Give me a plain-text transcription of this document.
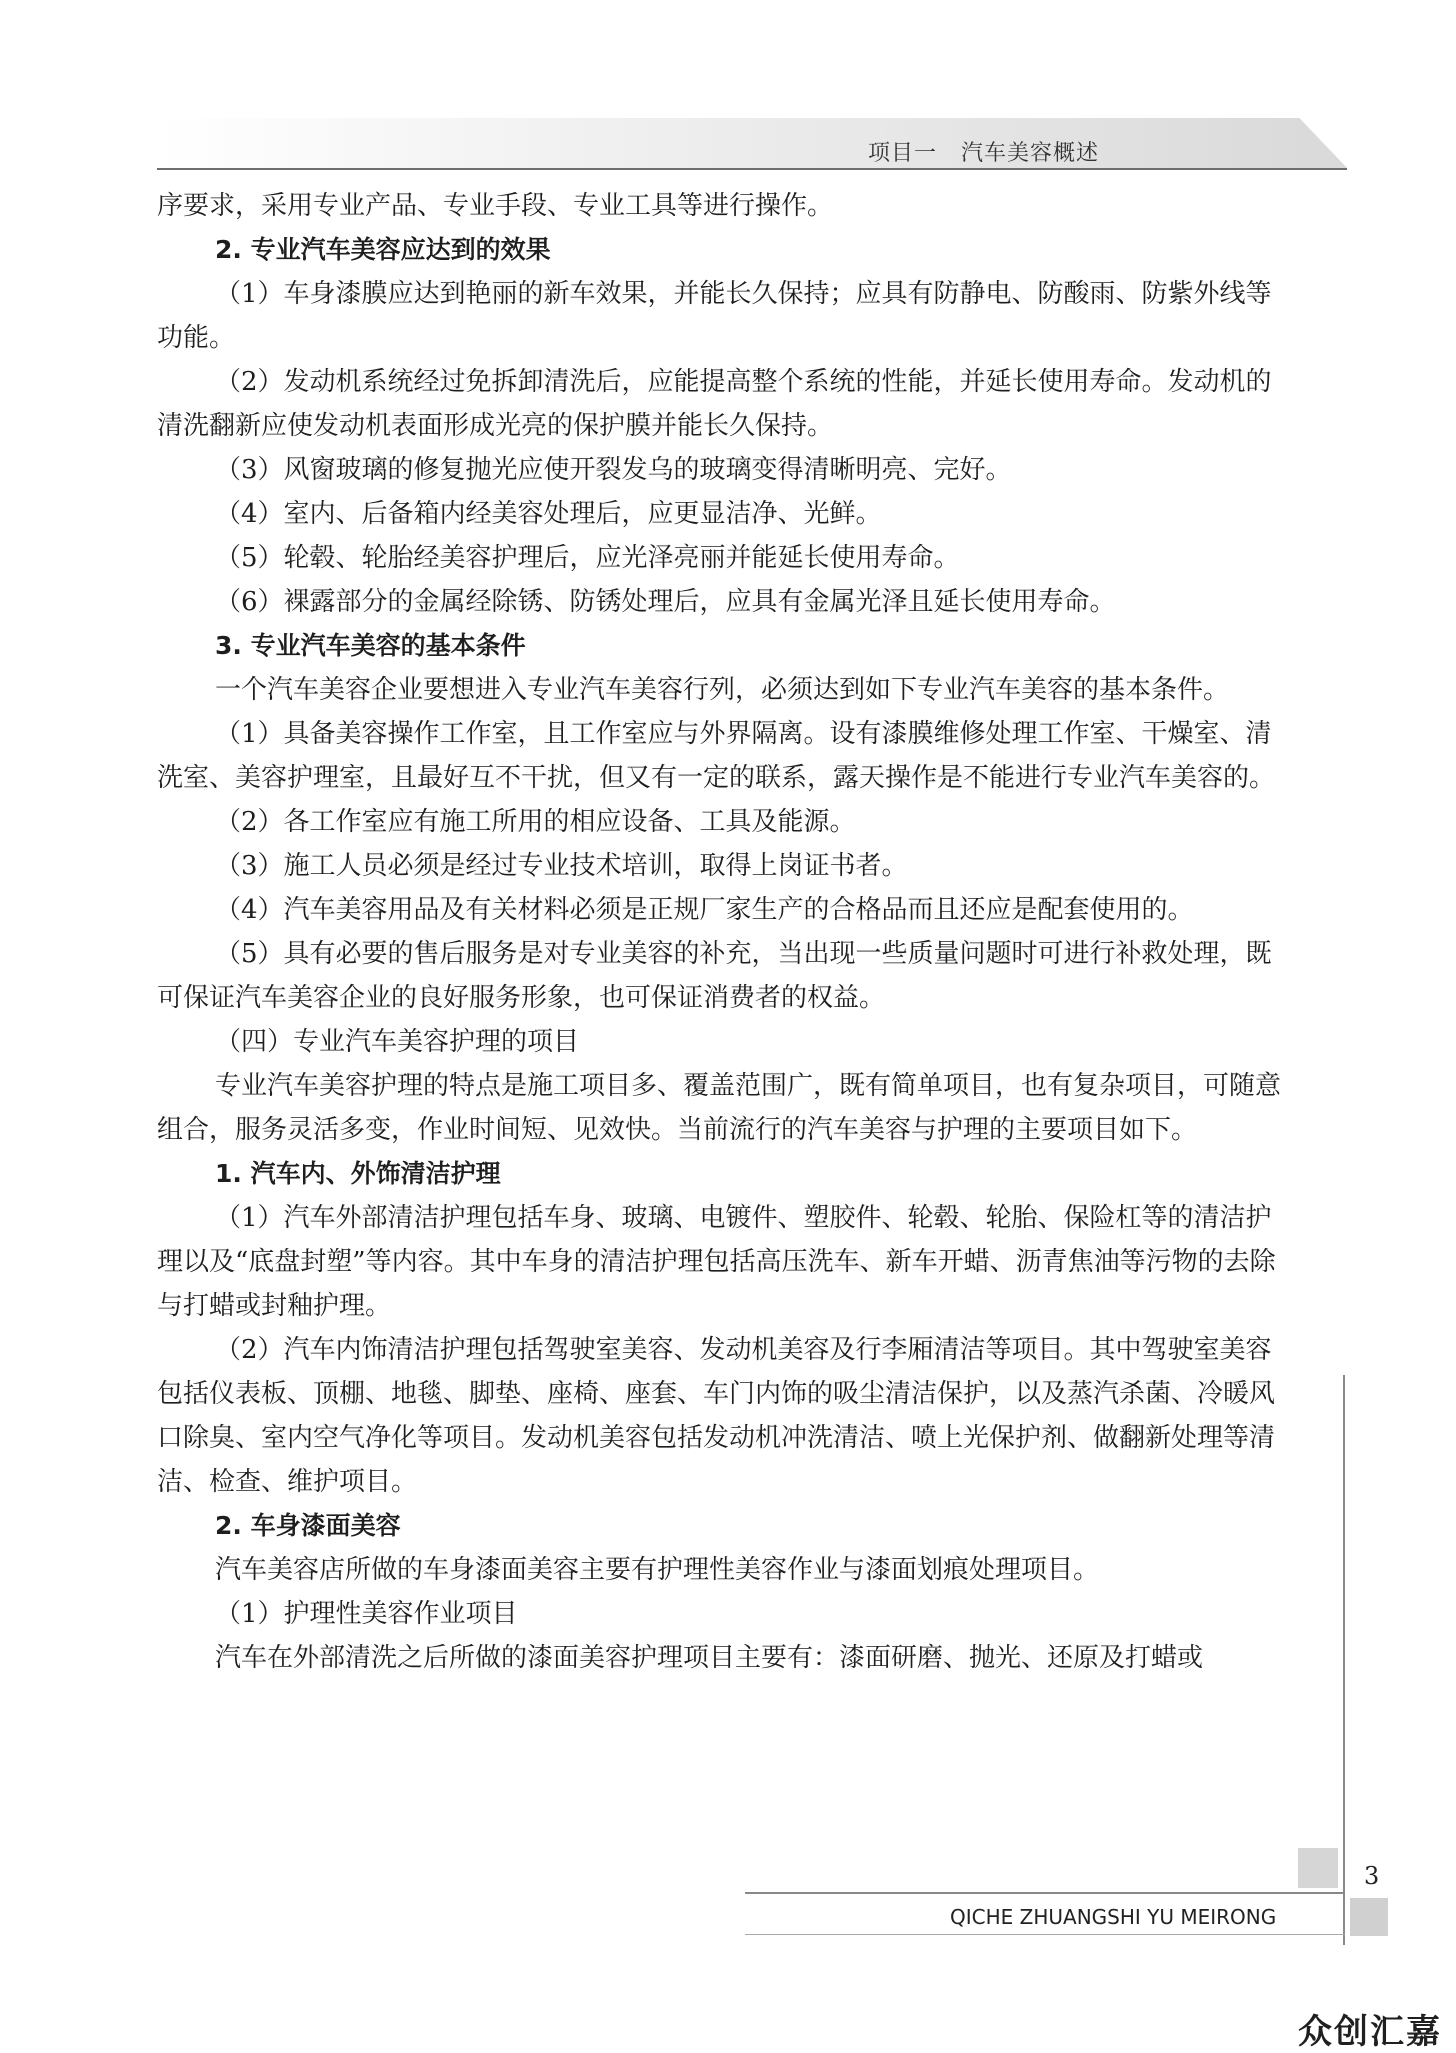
项目一 汽车美容概述

序要求，采用专业产品、专业手段、专业工具等进行操作。

2. 专业汽车美容应达到的效果

（1）车身漆膜应达到艳丽的新车效果，并能长久保持；应具有防静电、防酸雨、防紫外线等功能。

（2）发动机系统经过免拆卸清洗后，应能提高整个系统的性能，并延长使用寿命。发动机的清洗翻新应使发动机表面形成光亮的保护膜并能长久保持。

（3）风窗玻璃的修复抛光应使开裂发乌的玻璃变得清晰明亮、完好。

（4）室内、后备箱内经美容处理后，应更显洁净、光鲜。

（5）轮毂、轮胎经美容护理后，应光泽亮丽并能延长使用寿命。

（6）裸露部分的金属经除锈、防锈处理后，应具有金属光泽且延长使用寿命。

3. 专业汽车美容的基本条件

一个汽车美容企业要想进入专业汽车美容行列，必须达到如下专业汽车美容的基本条件。

（1）具备美容操作工作室，且工作室应与外界隔离。设有漆膜维修处理工作室、干燥室、清洗室、美容护理室，且最好互不干扰，但又有一定的联系，露天操作是不能进行专业汽车美容的。

（2）各工作室应有施工所用的相应设备、工具及能源。

（3）施工人员必须是经过专业技术培训，取得上岗证书者。

（4）汽车美容用品及有关材料必须是正规厂家生产的合格品而且还应是配套使用的。

（5）具有必要的售后服务是对专业美容的补充，当出现一些质量问题时可进行补救处理，既可保证汽车美容企业的良好服务形象，也可保证消费者的权益。

（四）专业汽车美容护理的项目

专业汽车美容护理的特点是施工项目多、覆盖范围广，既有简单项目，也有复杂项目，可随意组合，服务灵活多变，作业时间短、见效快。当前流行的汽车美容与护理的主要项目如下。

1. 汽车内、外饰清洁护理

（1）汽车外部清洁护理包括车身、玻璃、电镀件、塑胶件、轮毂、轮胎、保险杠等的清洁护理以及“底盘封塑”等内容。其中车身的清洁护理包括高压洗车、新车开蜡、沥青焦油等污物的去除与打蜡或封釉护理。

（2）汽车内饰清洁护理包括驾驶室美容、发动机美容及行李厢清洁等项目。其中驾驶室美容包括仪表板、顶棚、地毯、脚垫、座椅、座套、车门内饰的吸尘清洁保护，以及蒸汽杀菌、冷暖风口除臭、室内空气净化等项目。发动机美容包括发动机冲洗清洁、喷上光保护剂、做翻新处理等清洁、检查、维护项目。

2. 车身漆面美容

汽车美容店所做的车身漆面美容主要有护理性美容作业与漆面划痕处理项目。

（1）护理性美容作业项目

汽车在外部清洗之后所做的漆面美容护理项目主要有：漆面研磨、抛光、还原及打蜡或

3
QICHE ZHUANGSHI YU MEIRONG
众创汇嘉
